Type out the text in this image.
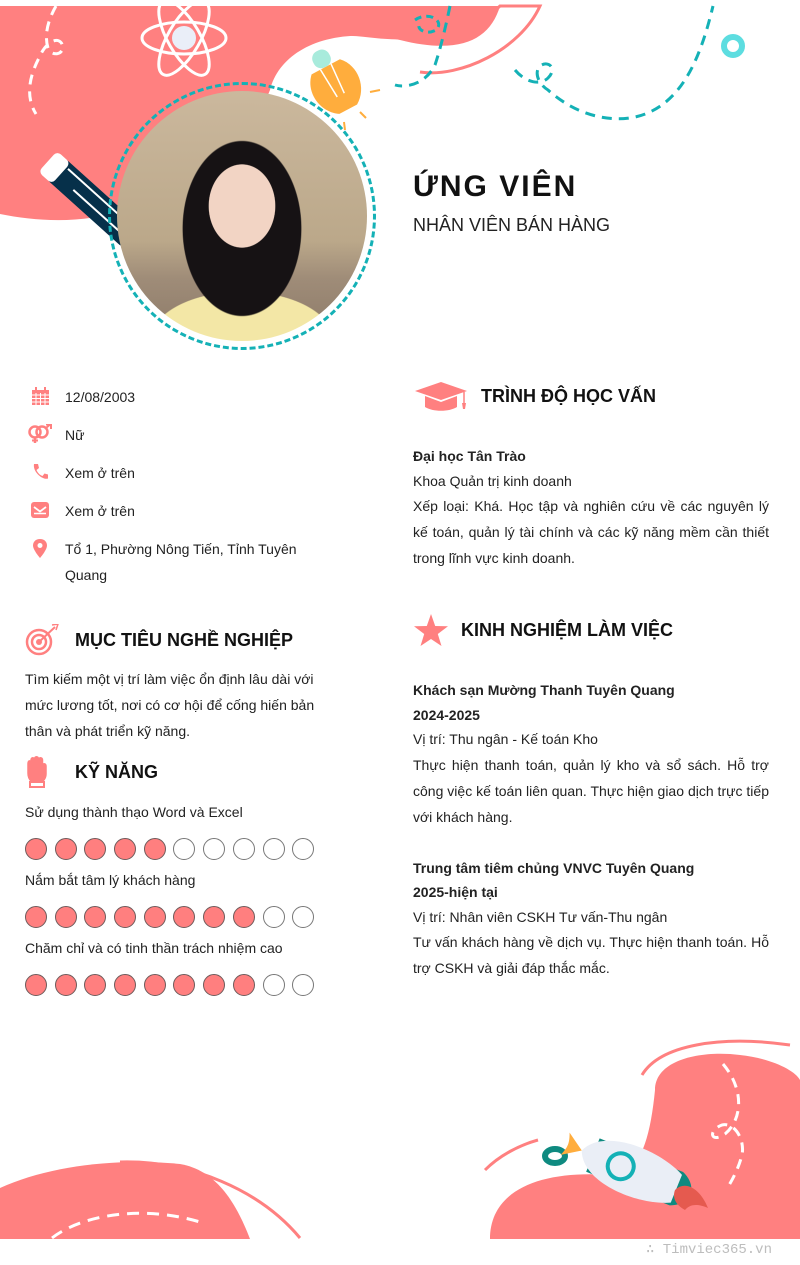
ỨNG VIÊN
NHÂN VIÊN BÁN HÀNG
12/08/2003
Nữ
Xem ở trên
Xem ở trên
Tổ 1, Phường Nông Tiến, Tỉnh Tuyên Quang
MỤC TIÊU NGHỀ NGHIỆP
Tìm kiếm một vị trí làm việc ổn định lâu dài với mức lương tốt, nơi có cơ hội để cống hiến bản thân và phát triển kỹ năng.
KỸ NĂNG
Sử dụng thành thạo Word và Excel
Nắm bắt tâm lý khách hàng
Chăm chỉ và có tinh thần trách nhiệm cao
TRÌNH ĐỘ HỌC VẤN
Đại học Tân Trào
Khoa Quản trị kinh doanh
Xếp loại: Khá. Học tập và nghiên cứu về các nguyên lý kế toán, quản lý tài chính và các kỹ năng mềm cần thiết trong lĩnh vực kinh doanh.
KINH NGHIỆM LÀM VIỆC
Khách sạn Mường Thanh Tuyên Quang
2024-2025
Vị trí: Thu ngân - Kế toán Kho
Thực hiện thanh toán, quản lý kho và sổ sách. Hỗ trợ công việc kế toán liên quan. Thực hiện giao dịch trực tiếp với khách hàng.
Trung tâm tiêm chủng VNVC Tuyên Quang
2025-hiện tại
Vị trí: Nhân viên CSKH Tư vấn-Thu ngân
Tư vấn khách hàng về dịch vụ. Thực hiện thanh toán. Hỗ trợ CSKH và giải đáp thắc mắc.
∴ Timviec365.vn
